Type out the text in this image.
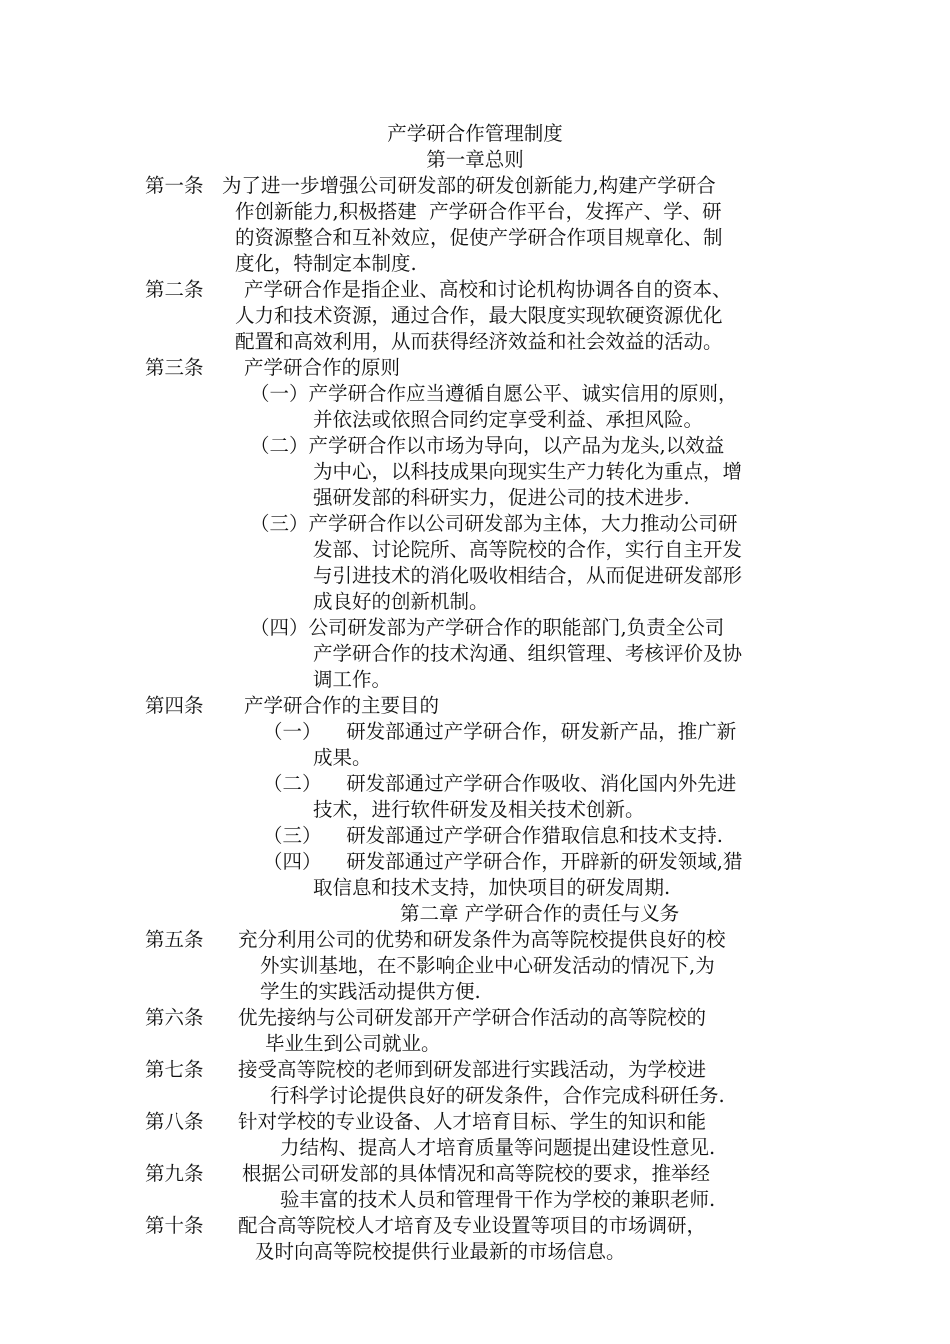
产学研合作管理制度
第一章总则
第一条 为了进一步增强公司研发部的研发创新能力,构建产学研合
作创新能力,积极搭建  产学研合作平台，发挥产、学、研
的资源整合和互补效应，促使产学研合作项目规章化、制
度化，特制定本制度.
第二条 产学研合作是指企业、高校和讨论机构协调各自的资本、
人力和技术资源，通过合作，最大限度实现软硬资源优化
配置和高效利用，从而获得经济效益和社会效益的活动。
第三条 产学研合作的原则
（一）产学研合作应当遵循自愿公平、诚实信用的原则，
并依法或依照合同约定享受利益、承担风险。
（二）产学研合作以市场为导向，以产品为龙头,以效益
为中心，以科技成果向现实生产力转化为重点，增
强研发部的科研实力，促进公司的技术进步.
（三）产学研合作以公司研发部为主体，大力推动公司研
发部、讨论院所、高等院校的合作，实行自主开发
与引进技术的消化吸收相结合，从而促进研发部形
成良好的创新机制。
（四）公司研发部为产学研合作的职能部门,负责全公司
产学研合作的技术沟通、组织管理、考核评价及协
调工作。
第四条 产学研合作的主要目的
（一）    研发部通过产学研合作，研发新产品，推广新
成果。
（二）    研发部通过产学研合作吸收、消化国内外先进
技术，进行软件研发及相关技术创新。
（三）    研发部通过产学研合作猎取信息和技术支持.
（四）    研发部通过产学研合作，开辟新的研发领域,猎
取信息和技术支持，加快项目的研发周期.
第二章 产学研合作的责任与义务
第五条 充分利用公司的优势和研发条件为高等院校提供良好的校
外实训基地，在不影响企业中心研发活动的情况下,为
学生的实践活动提供方便.
第六条 优先接纳与公司研发部开产学研合作活动的高等院校的
毕业生到公司就业。
第七条 接受高等院校的老师到研发部进行实践活动，为学校进
行科学讨论提供良好的研发条件，合作完成科研任务.
第八条 针对学校的专业设备、人才培育目标、学生的知识和能
力结构、提高人才培育质量等问题提出建设性意见.
第九条 根据公司研发部的具体情况和高等院校的要求，推举经
验丰富的技术人员和管理骨干作为学校的兼职老师.
第十条 配合高等院校人才培育及专业设置等项目的市场调研，
及时向高等院校提供行业最新的市场信息。
